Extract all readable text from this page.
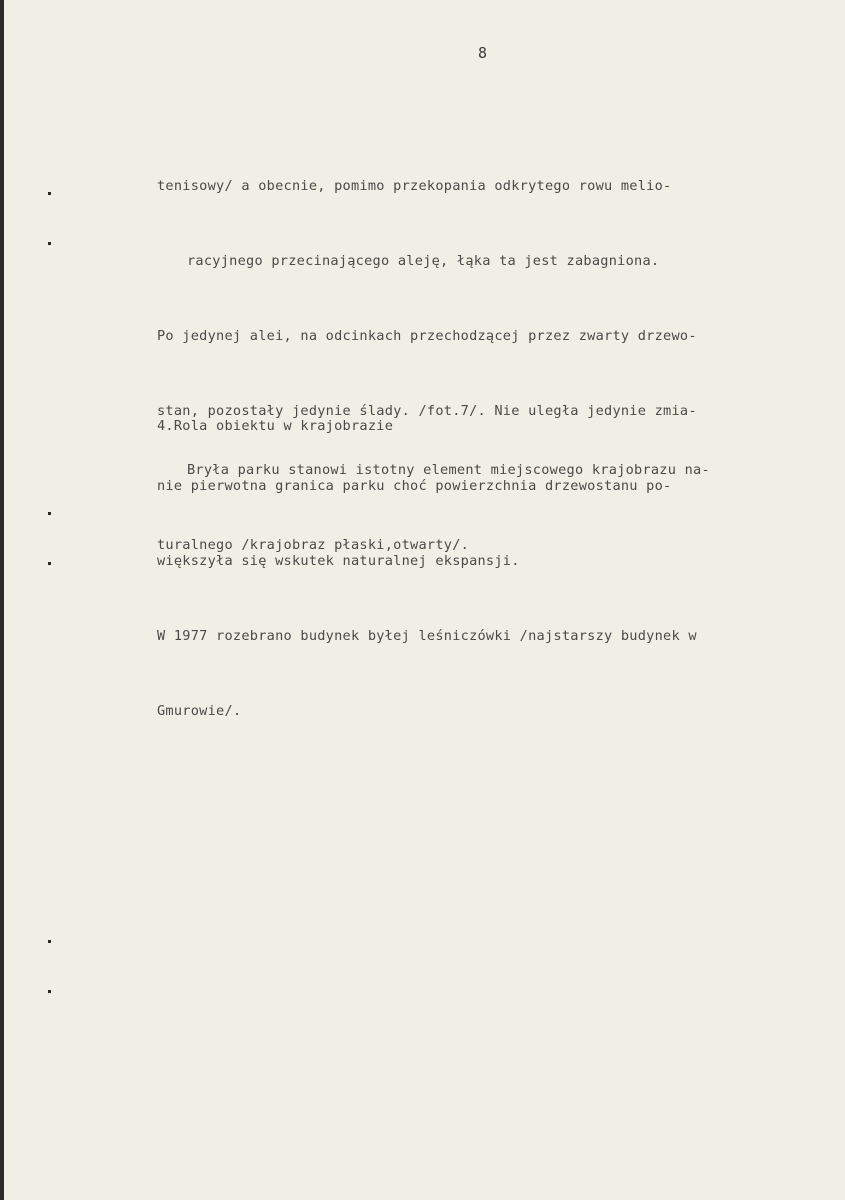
8

tenisowy/ a obecnie, pomimo przekopania odkrytego rowu melio-

racyjnego przecinającego aleję, łąka ta jest zabagniona.

Po jedynej alei, na odcinkach przechodzącej przez zwarty drzewo-

stan, pozostały jedynie ślady. /fot.7/. Nie uległa jedynie zmia-

nie pierwotna granica parku choć powierzchnia drzewostanu po-

większyła się wskutek naturalnej ekspansji.

W 1977 rozebrano budynek byłej leśniczówki /najstarszy budynek w

Gmurowie/.

4.Rola obiektu w krajobrazie

Bryła parku stanowi istotny element miejscowego krajobrazu na-

turalnego /krajobraz płaski,otwarty/.
